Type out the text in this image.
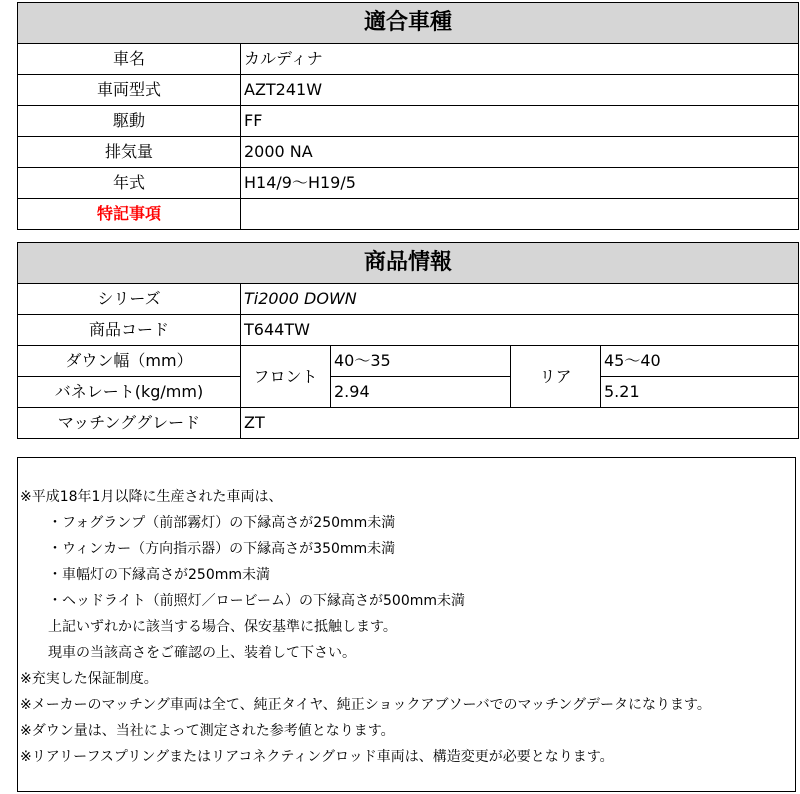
適合車種	
車名	カルディナ
車両型式	AZT241W
駆動	FF
排気量	2000 NA
年式	H14/9〜H19/5
特記事項	
商品情報				
シリーズ	Ti2000 DOWN			
商品コード	T644TW			
ダウン幅（mm）	フロント	40〜35	リア	45〜40
バネレート(kg/mm)		2.94		5.21
マッチンググレード	ZT			
※平成18年1月以降に生産された車両は、
　　・フォグランプ（前部霧灯）の下縁高さが250mm未満
　　・ウィンカー（方向指示器）の下縁高さが350mm未満
　　・車幅灯の下縁高さが250mm未満
　　・ヘッドライト（前照灯／ロービーム）の下縁高さが500mm未満
　　上記いずれかに該当する場合、保安基準に抵触します。
　　現車の当該高さをご確認の上、装着して下さい。
※充実した保証制度。
※メーカーのマッチング車両は全て、純正タイヤ、純正ショックアブソーバでのマッチングデータになります。
※ダウン量は、当社によって測定された参考値となります。
※リアリーフスプリングまたはリアコネクティングロッド車両は、構造変更が必要となります。
